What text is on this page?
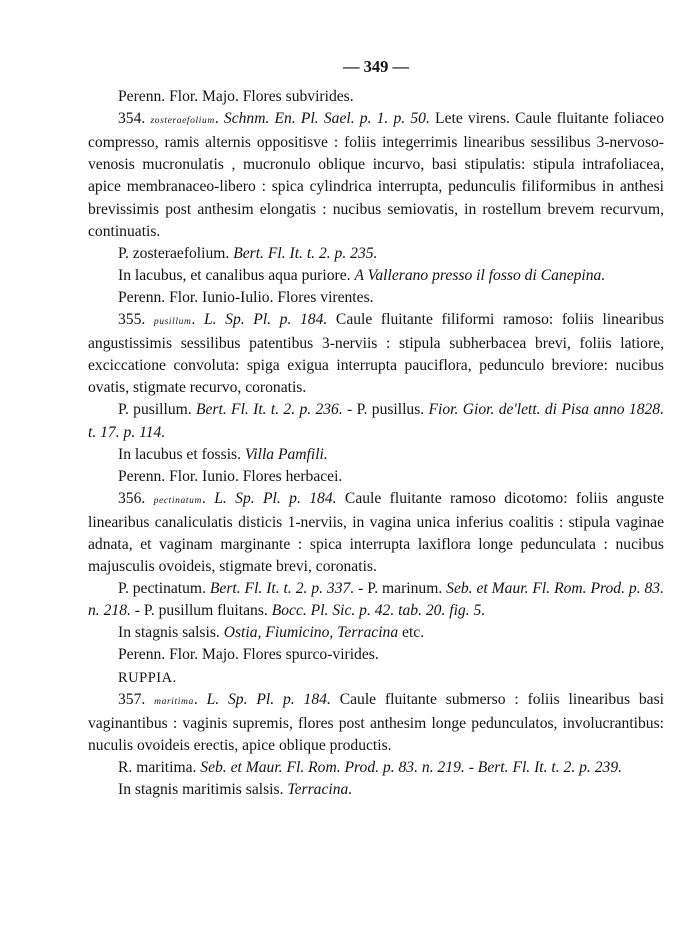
— 349 —

Perenn. Flor. Majo. Flores subvirides.

354. zosteraefolium. Schnm. En. Pl. Sael. p. 1. p. 50. Lete virens. Caule fluitante foliaceo compresso, ramis alternis oppositisve : foliis integerrimis linearibus sessilibus 3-nervoso-venosis mucronulatis , mucronulo oblique incurvo, basi stipulatis: stipula intrafoliacea, apice membranaceo-libero : spica cylindrica interrupta, pedunculis filiformibus in anthesi brevissimis post anthesim elongatis : nucibus semiovatis, in rostellum brevem recurvum, continuatis.

P. zosteraefolium. Bert. Fl. It. t. 2. p. 235.

In lacubus, et canalibus aqua puriore. A Vallerano presso il fosso di Canepina.

Perenn. Flor. Iunio-Iulio. Flores virentes.

355. pusillum. L. Sp. Pl. p. 184. Caule fluitante filiformi ramoso: foliis linearibus angustissimis sessilibus patentibus 3-nerviis : stipula subherbacea brevi, foliis latiore, exciccatione convoluta: spiga exigua interrupta pauciflora, pedunculo breviore: nucibus ovatis, stigmate recurvo, coronatis.

P. pusillum. Bert. Fl. It. t. 2. p. 236. - P. pusillus. Fior. Gior. de'lett. di Pisa anno 1828. t. 17. p. 114.

In lacubus et fossis. Villa Pamfili.

Perenn. Flor. Iunio. Flores herbacei.

356. pectinatum. L. Sp. Pl. p. 184. Caule fluitante ramoso dicotomo: foliis anguste linearibus canaliculatis disticis 1-nerviis, in vagina unica inferius coalitis : stipula vaginae adnata, et vaginam marginante : spica interrupta laxiflora longe pedunculata : nucibus majusculis ovoideis, stigmate brevi, coronatis.

P. pectinatum. Bert. Fl. It. t. 2. p. 337. - P. marinum. Seb. et Maur. Fl. Rom. Prod. p. 83. n. 218. - P. pusillum fluitans. Bocc. Pl. Sic. p. 42. tab. 20. fig. 5.

In stagnis salsis. Ostia, Fiumicino, Terracina etc.

Perenn. Flor. Majo. Flores spurco-virides.

RUPPIA.

357. maritima. L. Sp. Pl. p. 184. Caule fluitante submerso : foliis linearibus basi vaginantibus : vaginis supremis, flores post anthesim longe pedunculatos, involucrantibus: nuculis ovoideis erectis, apice oblique productis.

R. maritima. Seb. et Maur. Fl. Rom. Prod. p. 83. n. 219. - Bert. Fl. It. t. 2. p. 239.

In stagnis maritimis salsis. Terracina.
